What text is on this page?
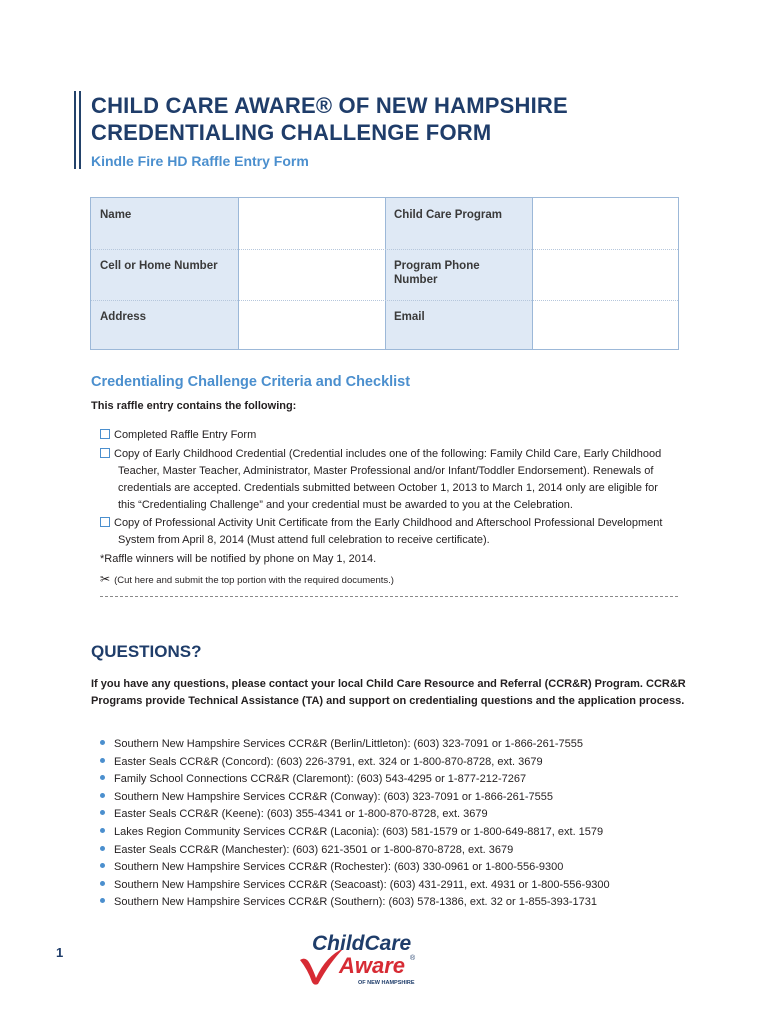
CHILD CARE AWARE® OF NEW HAMPSHIRE
CREDENTIALING CHALLENGE FORM
Kindle Fire HD Raffle Entry Form
Name	Child Care Program
Cell or Home Number	Program Phone Number
Address	Email
Credentialing Challenge Criteria and Checklist
This raffle entry contains the following:
Completed Raffle Entry Form
Copy of Early Childhood Credential (Credential includes one of the following: Family Child Care, Early Childhood
Teacher, Master Teacher, Administrator, Master Professional and/or Infant/Toddler Endorsement). Renewals of
credentials are accepted. Credentials submitted between October 1, 2013 to March 1, 2014 only are eligible for
this “Credentialing Challenge” and your credential must be awarded to you at the Celebration.
Copy of Professional Activity Unit Certificate from the Early Childhood and Afterschool Professional Development
System from April 8, 2014 (Must attend full celebration to receive certificate).
*Raffle winners will be notified by phone on May 1, 2014.
✂ (Cut here and submit the top portion with the required documents.)
QUESTIONS?
If you have any questions, please contact your local Child Care Resource and Referral (CCR&R) Program. CCR&R Programs provide Technical Assistance (TA) and support on credentialing questions and the application process.
Southern New Hampshire Services CCR&R (Berlin/Littleton): (603) 323-7091 or 1-866-261-7555
Easter Seals CCR&R (Concord): (603) 226-3791, ext. 324 or 1-800-870-8728, ext. 3679
Family School Connections CCR&R (Claremont): (603) 543-4295 or 1-877-212-7267
Southern New Hampshire Services CCR&R (Conway): (603) 323-7091 or 1-866-261-7555
Easter Seals CCR&R (Keene): (603) 355-4341 or 1-800-870-8728, ext. 3679
Lakes Region Community Services CCR&R (Laconia): (603) 581-1579 or 1-800-649-8817, ext. 1579
Easter Seals CCR&R (Manchester): (603) 621-3501 or 1-800-870-8728, ext. 3679
Southern New Hampshire Services CCR&R (Rochester): (603) 330-0961 or 1-800-556-9300
Southern New Hampshire Services CCR&R (Seacoast): (603) 431-2911, ext. 4931 or 1-800-556-9300
Southern New Hampshire Services CCR&R (Southern): (603) 578-1386, ext. 32 or 1-855-393-1731
1	ChildCare
Aware ®
OF NEW HAMPSHIRE
